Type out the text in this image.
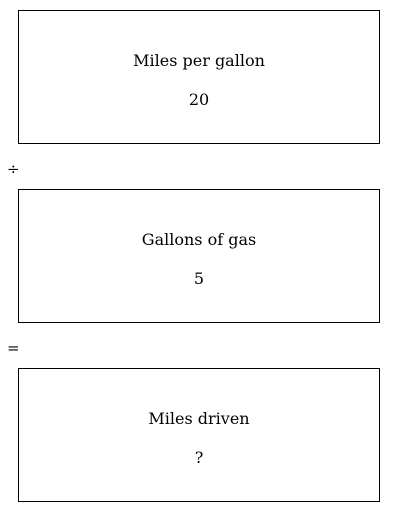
Miles per gallon
20
÷
Gallons of gas
5
=
Miles driven
?
